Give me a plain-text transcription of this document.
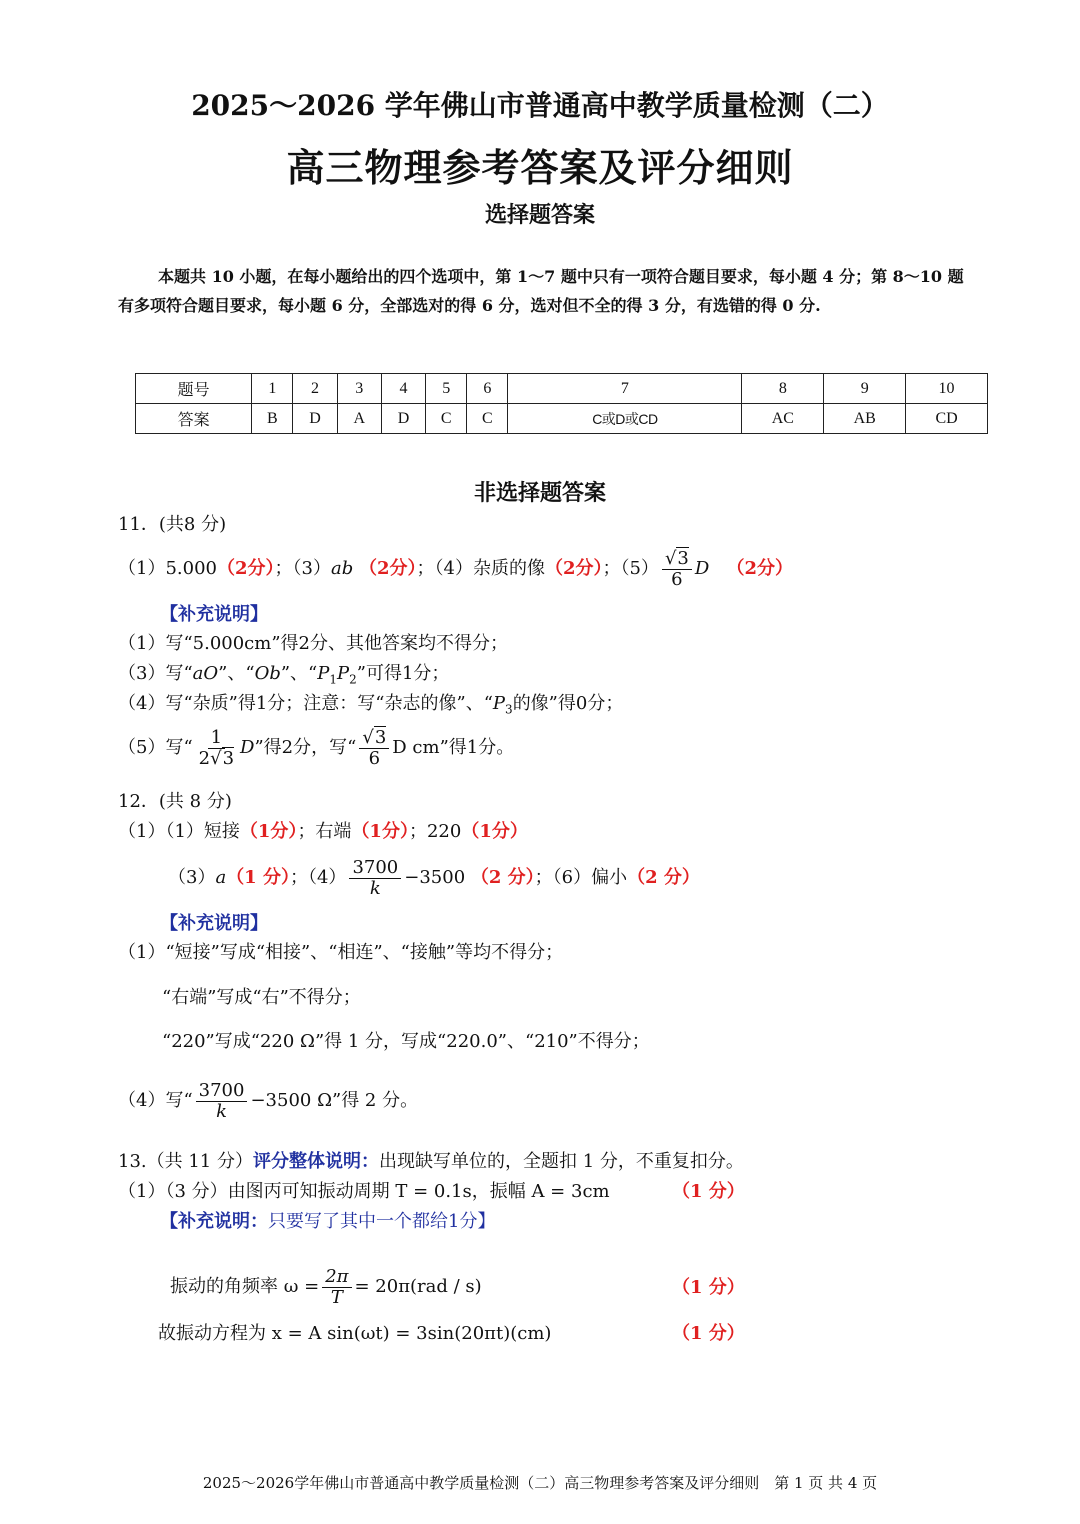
2025～2026 学年佛山市普通高中教学质量检测（二）
高三物理参考答案及评分细则
选择题答案
本题共 10 小题，在每小题给出的四个选项中，第 1～7 题中只有一项符合题目要求，每小题 4 分；第 8～10 题有多项符合题目要求，每小题 6 分，全部选对的得 6 分，选对但不全的得 3 分，有选错的得 0 分.
题号	1	2	3	4	5	6	7	8	9	10
答案	B	D	A	D	C	C	C或D或CD	AC	AB	CD
非选择题答案
11．(共8 分)
（1）5.000（2分）；（3）ab （2分）；（4）杂质的像（2分）；$(5) \frac{√3}{6}$ D （2分）
【补充说明】
（1）写“5.000cm”得2分、其他答案均不得分；
（3）写“aO”、“Ob”、“$P_1P_2$”可得1分；
（4）写“杂质”得1分；注意：写“杂志的像”、“$P_3$的像”得0分；
（5）写“ $\frac{1}{2√3} D$”得2分，写“ $\frac{√3}{6}$ D cm”得1分。
12．(共 8 分)
（1）（1）短接（1分）；右端（1分）；220（1分）
（3）a（1 分）；$(4) \frac{3700}{k} -3500$ （2 分）；（6）偏小（2 分）
【补充说明】
（1）“短接”写成“相接”、“相连”、“接触”等均不得分；
“右端”写成“右”不得分；
“220”写成“220 Ω”得 1 分，写成“220.0”、“210”不得分；
（4）写“ $\frac{3700}{k} -3500$ Ω”得 2 分。
13.（共 11 分）评分整体说明：出现缺写单位的，全题扣 1 分，不重复扣分。
（1）（3 分）由图丙可知振动周期 T = 0.1s，振幅 A = 3cm	（1 分）
【补充说明：只要写了其中一个都给1分】
振动的角频率 $\omega = \frac{2\pi}{T} = 20\pi(rad / s)$	（1 分）
故振动方程为 x = A sin(ωt) = 3sin(20πt)(cm)	（1 分）
2025～2026学年佛山市普通高中教学质量检测（二）高三物理参考答案及评分细则　第 1 页 共 4 页
